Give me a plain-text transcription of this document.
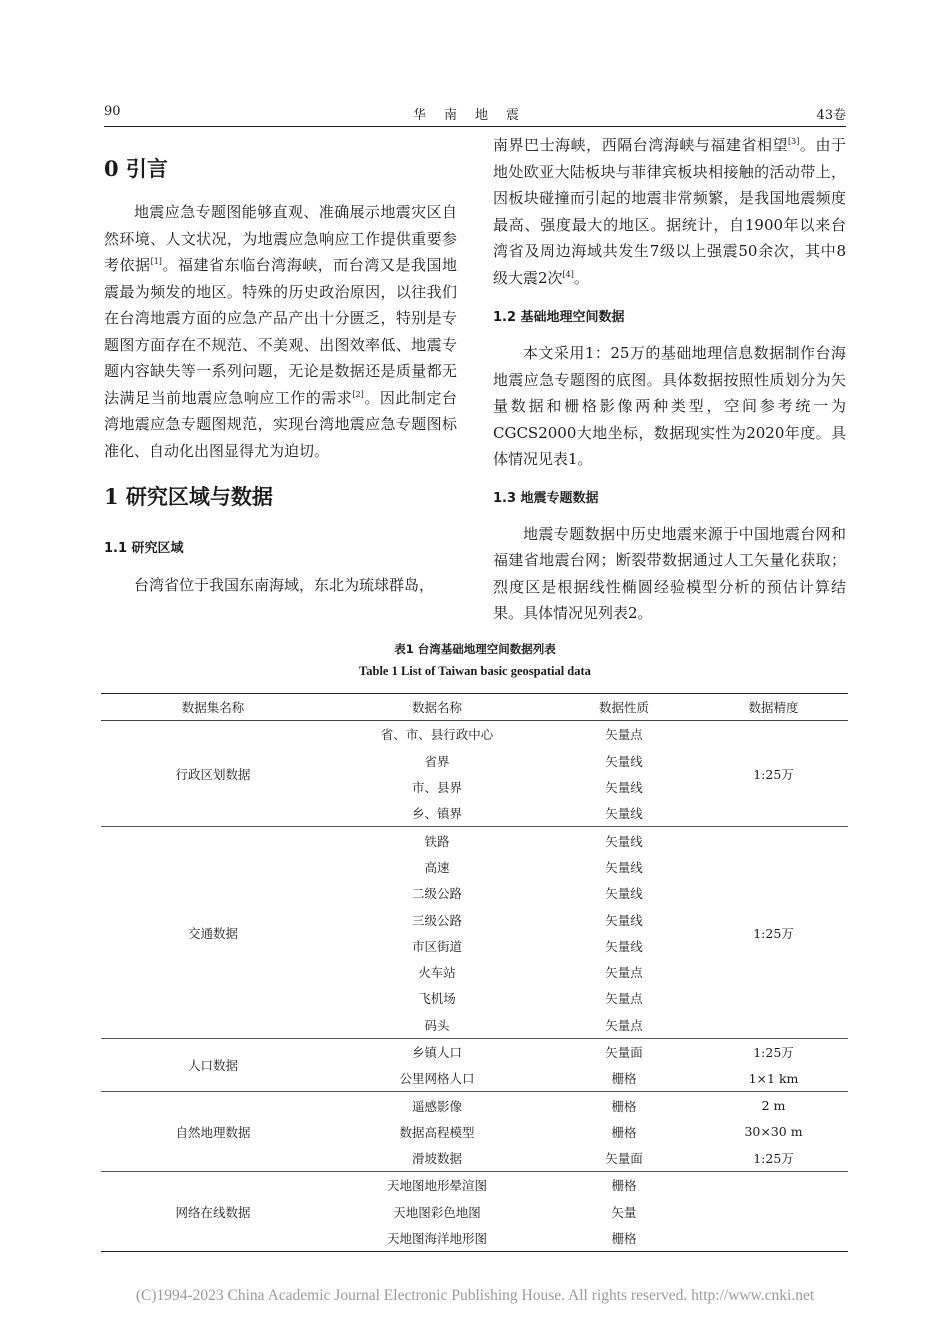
90	华南地震	43卷
0 引言

地震应急专题图能够直观、准确展示地震灾区自然环境、人文状况，为地震应急响应工作提供重要参考依据[1]。福建省东临台湾海峡，而台湾又是我国地震最为频发的地区。特殊的历史政治原因，以往我们在台湾地震方面的应急产品产出十分匮乏，特别是专题图方面存在不规范、不美观、出图效率低、地震专题内容缺失等一系列问题，无论是数据还是质量都无法满足当前地震应急响应工作的需求[2]。因此制定台湾地震应急专题图规范，实现台湾地震应急专题图标准化、自动化出图显得尤为迫切。

1 研究区域与数据
1.1 研究区域

台湾省位于我国东南海域，东北为琉球群岛，

南界巴士海峡，西隔台湾海峡与福建省相望[3]。由于地处欧亚大陆板块与菲律宾板块相接触的活动带上，因板块碰撞而引起的地震非常频繁，是我国地震频度最高、强度最大的地区。据统计，自1900年以来台湾省及周边海域共发生7级以上强震50余次，其中8级大震2次[4]。

1.2 基础地理空间数据

本文采用1：25万的基础地理信息数据制作台海地震应急专题图的底图。具体数据按照性质划分为矢量数据和栅格影像两种类型，空间参考统一为CGCS2000大地坐标，数据现实性为2020年度。具体情况见表1。

1.3 地震专题数据

地震专题数据中历史地震来源于中国地震台网和福建省地震台网；断裂带数据通过人工矢量化获取；烈度区是根据线性椭圆经验模型分析的预估计算结果。具体情况见列表2。

表1 台湾基础地理空间数据列表
Table 1 List of Taiwan basic geospatial data
数据集名称	数据名称	数据性质	数据精度
行政区划数据	省、市、县行政中心	矢量点	1:25万
	省界	矢量线	
	市、县界	矢量线	
	乡、镇界	矢量线	
交通数据	铁路	矢量线	1:25万
	高速	矢量线	
	二级公路	矢量线	
	三级公路	矢量线	
	市区街道	矢量线	
	火车站	矢量点	
	飞机场	矢量点	
	码头	矢量点	
人口数据	乡镇人口	矢量面	1:25万
	公里网格人口	栅格	1×1 km
自然地理数据	遥感影像	栅格	2 m
	数据高程模型	栅格	30×30 m
	滑坡数据	矢量面	1:25万
网络在线数据	天地图地形晕渲图	栅格	
	天地图彩色地图	矢量	
	天地图海洋地形图	栅格	
(C)1994-2023 China Academic Journal Electronic Publishing House. All rights reserved. http://www.cnki.net
